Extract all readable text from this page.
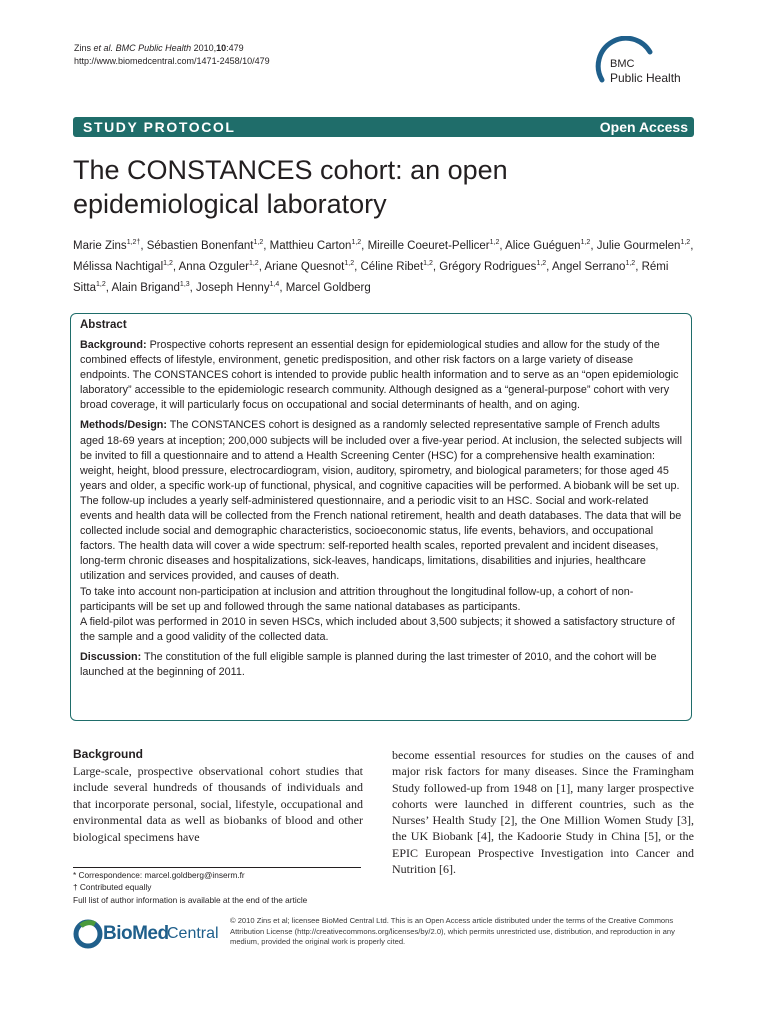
Zins et al. BMC Public Health 2010,10:479
http://www.biomedcentral.com/1471-2458/10/479	BMC
Public Health
STUDY PROTOCOL	Open Access
The CONSTANCES cohort: an open epidemiological laboratory
Marie Zins$^{1,2\dagger}$, Sébastien Bonenfant$^{1,2}$, Matthieu Carton$^{1,2}$, Mireille Coeuret-Pellicer$^{1,2}$, Alice Guéguen$^{1,2}$, Julie Gourmelen$^{1,2}$, Mélissa Nachtigal$^{1,2}$, Anna Ozguler$^{1,2}$, Ariane Quesnot$^{1,2}$, Céline Ribet$^{1,2}$, Grégory Rodrigues$^{1,2}$, Angel Serrano$^{1,2}$, Rémi Sitta$^{1,2}$, Alain Brigand$^{1,3}$, Joseph Henny$^{1,4}$, Marcel Goldberg
Abstract

Background: Prospective cohorts represent an essential design for epidemiological studies and allow for the study of the combined effects of lifestyle, environment, genetic predisposition, and other risk factors on a large variety of disease endpoints. The CONSTANCES cohort is intended to provide public health information and to serve as an “open epidemiologic laboratory” accessible to the epidemiologic research community. Although designed as a “general-purpose” cohort with very broad coverage, it will particularly focus on occupational and social determinants of health, and on aging.

Methods/Design: The CONSTANCES cohort is designed as a randomly selected representative sample of French adults aged 18-69 years at inception; 200,000 subjects will be included over a five-year period. At inclusion, the selected subjects will be invited to fill a questionnaire and to attend a Health Screening Center (HSC) for a comprehensive health examination: weight, height, blood pressure, electrocardiogram, vision, auditory, spirometry, and biological parameters; for those aged 45 years and older, a specific work-up of functional, physical, and cognitive capacities will be performed. A biobank will be set up. The follow-up includes a yearly self-administered questionnaire, and a periodic visit to an HSC. Social and work-related events and health data will be collected from the French national retirement, health and death databases. The data that will be collected include social and demographic characteristics, socioeconomic status, life events, behaviors, and occupational factors. The health data will cover a wide spectrum: self-reported health scales, reported prevalent and incident diseases, long-term chronic diseases and hospitalizations, sick-leaves, handicaps, limitations, disabilities and injuries, healthcare utilization and services provided, and causes of death.

To take into account non-participation at inclusion and attrition throughout the longitudinal follow-up, a cohort of non-participants will be set up and followed through the same national databases as participants.

A field-pilot was performed in 2010 in seven HSCs, which included about 3,500 subjects; it showed a satisfactory structure of the sample and a good validity of the collected data.

Discussion: The constitution of the full eligible sample is planned during the last trimester of 2010, and the cohort will be launched at the beginning of 2011.

Background
Large-scale, prospective observational cohort studies that include several hundreds of thousands of individuals and that incorporate personal, social, lifestyle, occupational and environmental data as well as biobanks of blood and other biological specimens have
become essential resources for studies on the causes of and major risk factors for many diseases. Since the Framingham Study followed-up from 1948 on [1], many larger prospective cohorts were launched in different countries, such as the Nurses’ Health Study [2], the One Million Women Study [3], the UK Biobank [4], the Kadoorie Study in China [5], or the EPIC European Prospective Investigation into Cancer and Nutrition [6].
* Correspondence: marcel.goldberg@inserm.fr
† Contributed equally
Full list of author information is available at the end of the article
BioMed
Central
© 2010 Zins et al; licensee BioMed Central Ltd. This is an Open Access article distributed under the terms of the Creative Commons Attribution License (http://creativecommons.org/licenses/by/2.0), which permits unrestricted use, distribution, and reproduction in any medium, provided the original work is properly cited.
